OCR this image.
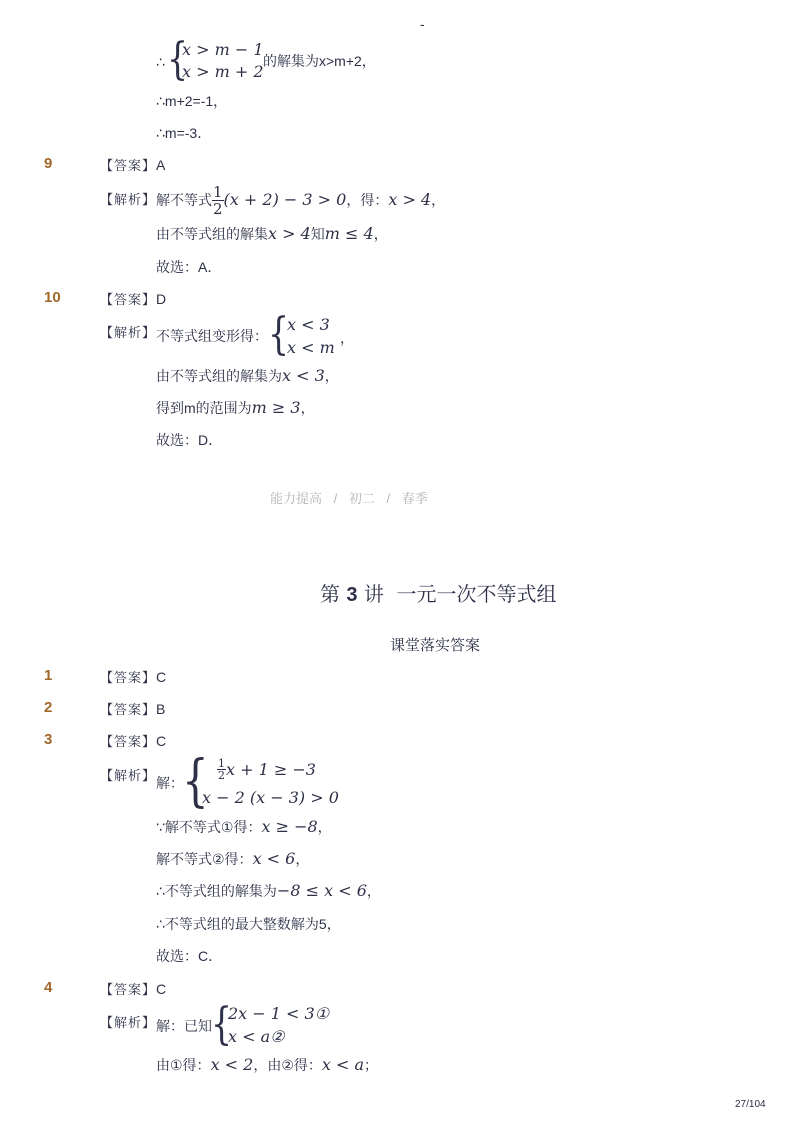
-
∴ {
x > m − 1
x > m + 2
的解集为x>m+2，
∴m+2=-1，
∴m=-3．
9	【答案】 A
【解析】 解不等式 $\frac{1}{2} (x + 2) - 3 > 0$ ，得： x > 4 ，
由不等式组的解集x > 4知m ≤ 4，
故选：A．
10	【答案】 D
【解析】 不等式组变形得： {
x < 3
x < m ，
由不等式组的解集为x < 3，
得到m的范围为m ≥ 3，
故选：D．
能力提高 / 初二 / 春季
第 3 讲  一元一次不等式组
课堂落实答案
1	【答案】 C
2	【答案】 B
3	【答案】 C
【解析】 解：
{ $\frac{1}{2}$ x + 1 ≥ −3
x − 2 (x − 3) > 0
∵解不等式①得：x ≥ −8，
解不等式②得：x < 6，
∴不等式组的解集为−8 ≤ x < 6，
∴不等式组的最大整数解为5，
故选：C．
4	【答案】 C
【解析】 解：已知 {
2x − 1 < 3①
x < a②
由①得：x < 2，由②得：x < a；
27/104
